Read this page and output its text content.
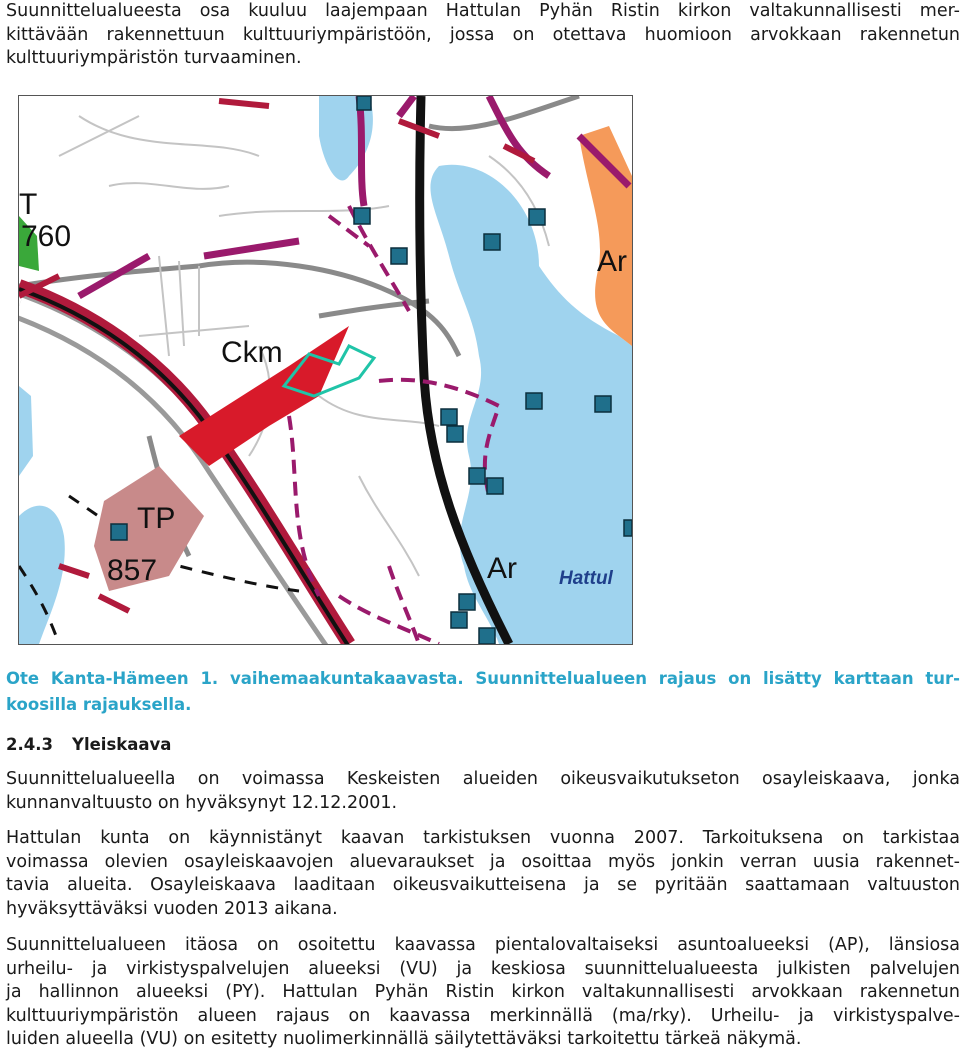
Suunnittelualueesta osa kuuluu laajempaan Hattulan Pyhän Ristin kirkon valtakunnallisesti mer-
kittävään rakennettuun kulttuuriympäristöön, jossa on otettava huomioon arvokkaan rakennetun
kulttuuriympäristön turvaaminen.

T
760
Ckm
TP
857	Ar
Ar
Hattul

Ote Kanta-Hämeen 1. vaihemaakuntakaavasta. Suunnittelualueen rajaus on lisätty karttaan tur-
koosilla rajauksella.

2.4.3 Yleiskaava

Suunnittelualueella on voimassa Keskeisten alueiden oikeusvaikutukseton osayleiskaava, jonka
kunnanvaltuusto on hyväksynyt 12.12.2001.

Hattulan kunta on käynnistänyt kaavan tarkistuksen vuonna 2007. Tarkoituksena on tarkistaa
voimassa olevien osayleiskaavojen aluevaraukset ja osoittaa myös jonkin verran uusia rakennet-
tavia alueita. Osayleiskaava laaditaan oikeusvaikutteisena ja se pyritään saattamaan valtuuston
hyväksyttäväksi vuoden 2013 aikana.

Suunnittelualueen itäosa on osoitettu kaavassa pientalovaltaiseksi asuntoalueeksi (AP), länsiosa
urheilu- ja virkistyspalvelujen alueeksi (VU) ja keskiosa suunnittelualueesta julkisten palvelujen
ja hallinnon alueeksi (PY). Hattulan Pyhän Ristin kirkon valtakunnallisesti arvokkaan rakennetun
kulttuuriympäristön alueen rajaus on kaavassa merkinnällä (ma/rky). Urheilu- ja virkistyspalve-
luiden alueella (VU) on esitetty nuolimerkinnällä säilytettäväksi tarkoitettu tärkeä näkymä.
